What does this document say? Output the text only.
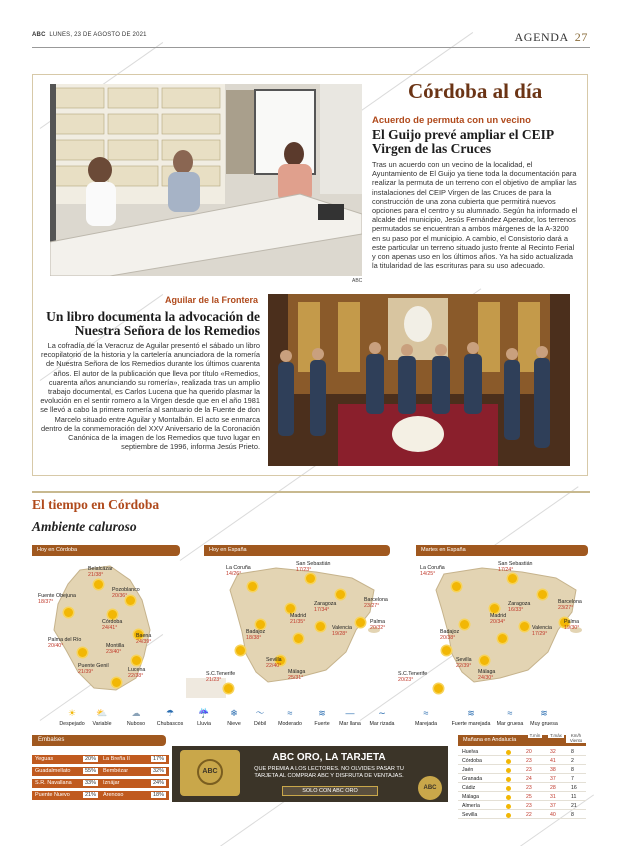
ABC LUNES, 23 DE AGOSTO DE 2021	AGENDA 27
ABC
Córdoba al día
Acuerdo de permuta con un vecino
El Guijo prevé ampliar el CEIP Virgen de las Cruces
Tras un acuerdo con un vecino de la localidad, el Ayuntamiento de El Guijo ya tiene toda la documentación para realizar la permuta de un terreno con el objetivo de ampliar las instalaciones del CEIP Virgen de las Cruces de para la construcción de una zona cubierta que permitirá nuevos opciones para el centro y su alumnado. Según ha informado el alcalde del municipio, Jesús Fernández Aperador, los terrenos permutados se encuentran a ambos márgenes de la A-3200 en su paso por el municipio. A cambio, el Consistorio dará a este particular un terreno situado justo frente al Recinto Ferial y con apenas uso en los últimos años. Ya ha sido actualizada la titularidad de las escrituras para su uso adecuado.
Aguilar de la Frontera
Un libro documenta la advocación de Nuestra Señora de los Remedios
La cofradía de la Veracruz de Aguilar presentó el sábado un libro recopilatorio de la historia y la cartelería anunciadora de la romería de Nuestra Señora de los Remedios durante los últimos cuarenta años. El autor de la publicación que lleva por título «Remedios, cuarenta años anunciando su romería», realizada tras un amplio trabajo documental, es Carlos Lucena que ha querido plasmar la evolución en el sentir romero a la Virgen desde que en el año 1981 se llevó a cabo la primera romería al santuario de la Fuente de don Marcelo situado entre Aguilar y Montalbán. El acto se enmarca dentro de la conmemoración del XXV Aniversario de la Coronación Canónica de la imagen de los Remedios que tuvo lugar en septiembre de 1996, informa Jesús Prieto.
El tiempo en Córdoba
Ambiente caluroso
Hoy en Córdoba
Belalcázar
21/38°
Pozoblanco
20/36°
Fuente Obejuna
18/37°
Córdoba
24/41°
Palma del Río
20/40°	Montilla
23/40°
Baena
24/39°
Puente Genil
21/39°	Lucena
22/38°
Hoy en España
La Coruña
14/26°
San Sebastián
17/23°
Zaragoza
17/34°
Barcelona
23/27°
Madrid
21/35°
Badajoz
18/38°
Valencia
19/28°
Palma
20/32°
Sevilla
22/40°
Málaga
25/31°
S.C.Tenerife
21/23°
Martes en España
La Coruña
14/25°
San Sebastián
17/24°
Zaragoza
16/33°
Barcelona
23/27°
Madrid
20/34°
Badajoz
20/38°
Valencia
17/29°
Palma
19/30°
Sevilla
22/39°
Málaga
24/30°
S.C.Tenerife
20/23°
☀
Despejado
⛅
Variable
☁
Nuboso
☂
Chubascos
☔
Lluvia
❄
Nieve
〜
Débil
≈
Moderado
≋
Fuerte
—
Mar llana
∼
Mar rizada
≈
Marejada
≋
Fuerte marejada
≈
Mar gruesa
≋
Muy gruesa
Embalses
Yeguas	20%	La Breña II	17%
Guadalmellato	55%	Bembézar	32%
S.R. Navallana	33%	Iznájar	24%
Puente Nuevo	21%	Arenoso	18%
ABC
ABC ORO, LA TARJETA
QUE PREMIA A LOS LECTORES. NO OLVIDES PASAR TU TARJETA AL COMPRAR ABC Y DISFRUTA DE VENTAJAS.
SOLO CON ABC ORO	ABC
Mañana en Andalucía
T.mín	T.máx	Km/h Viento
Huelva	20	32	8
Córdoba	23	41	2
Jaén	23	38	8
Granada	24	37	7
Cádiz	23	28	16
Málaga	25	31	11
Almería	23	37	21
Sevilla	22	40	8
